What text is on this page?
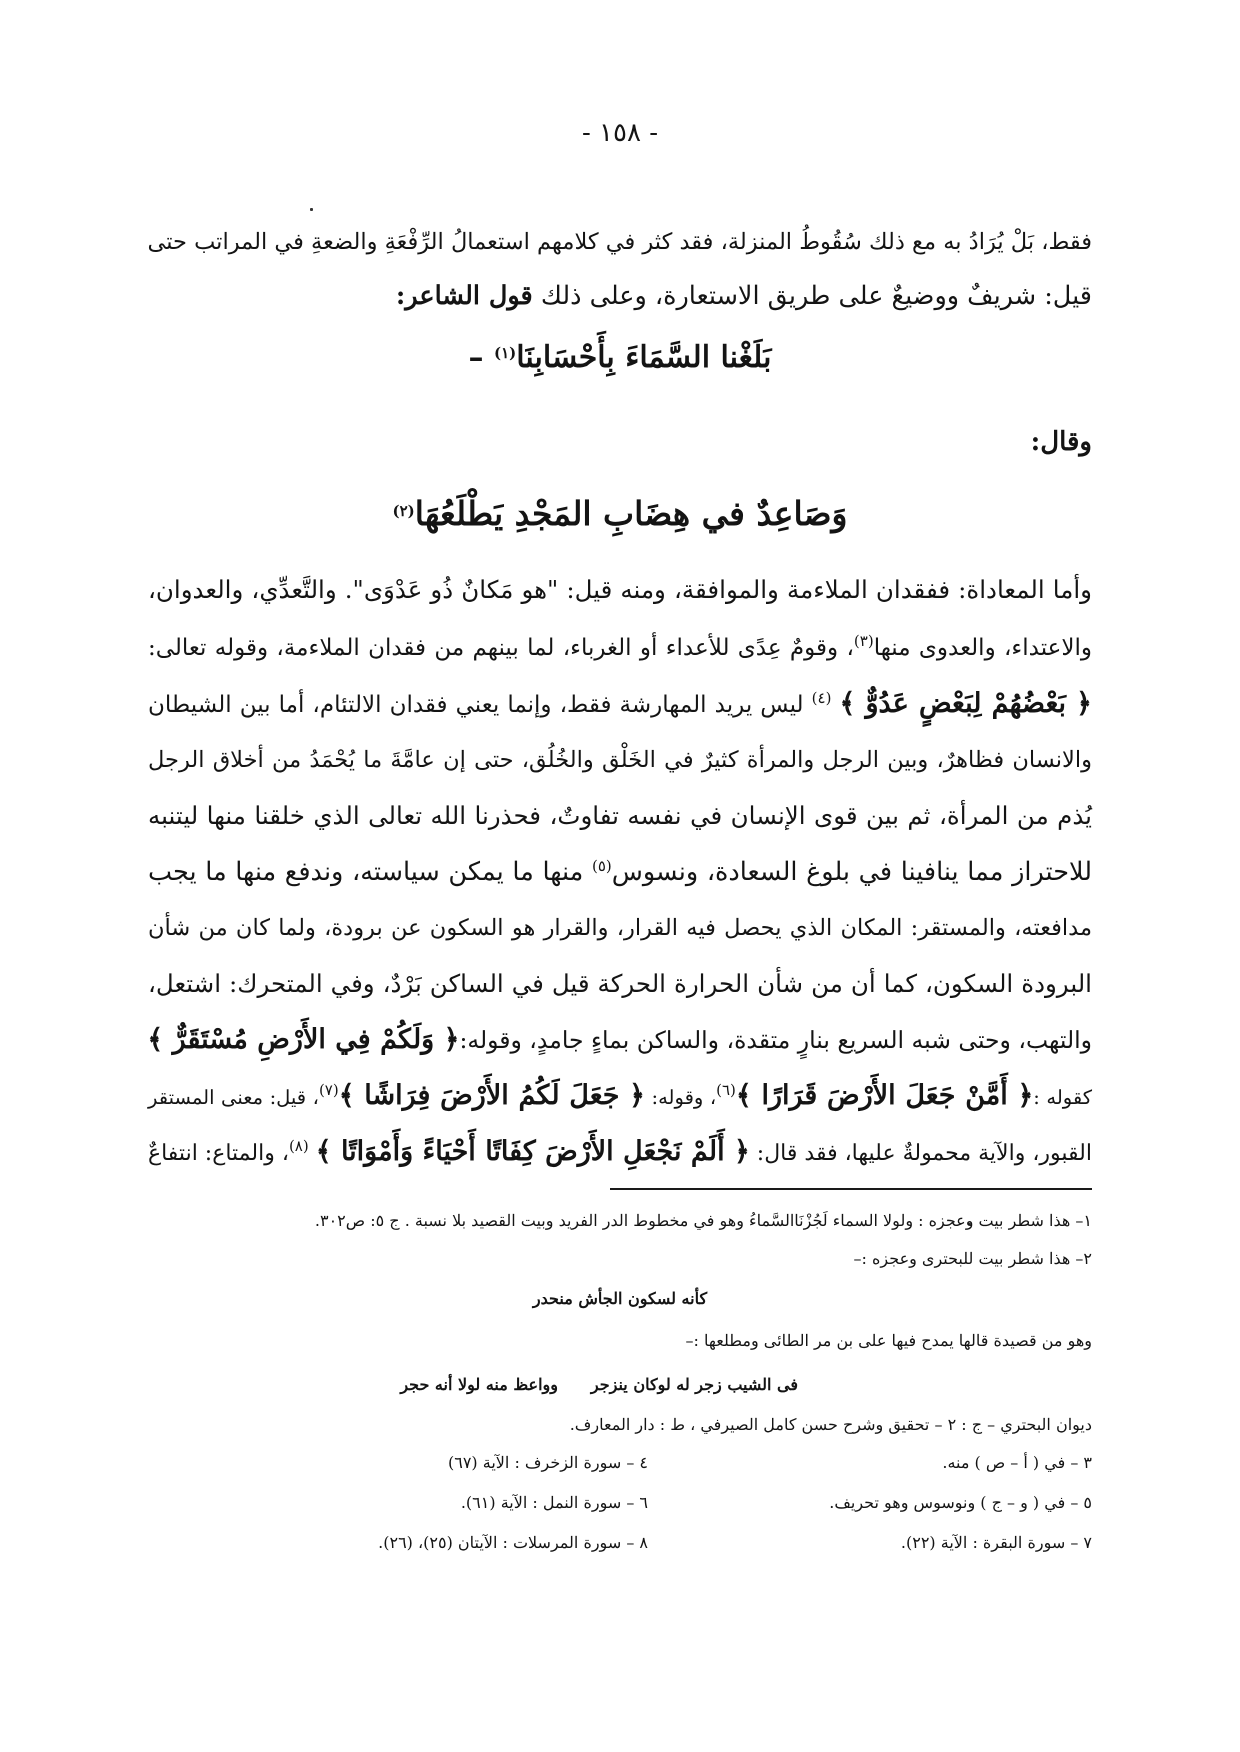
- ١٥٨ -
فقط، بَلْ يُرَادُ به مع ذلك سُقُوطُ المنزلة، فقد كثر في كلامهم استعمالُ الرِّفْعَةِ والضعةِ في المراتب حتى
قيل: شريفٌ ووضيعٌ على طريق الاستعارة، وعلى ذلك قول الشاعر:
بَلَغْنا السَّمَاءَ بِأَحْسَابِنَا$^{(١)}$ –
وقال:
وَصَاعِدٌ في هِضَابِ المَجْدِ يَطْلَعُهَا$^{(٢)}$
وأما المعاداة: ففقدان الملاءمة والموافقة، ومنه قيل: "هو مَكانٌ ذُو عَدْوَى". والتَّعدِّي، والعدوان،
والاعتداء، والعدوى منها$^{(٣)}$، وقومٌ عِدًى للأعداء أو الغرباء، لما بينهم من فقدان الملاءمة، وقوله تعالى:
﴿ بَعْضُهُمْ لِبَعْضٍ عَدُوٌّ ﴾ $^{(٤)}$ ليس يريد المهارشة فقط، وإنما يعني فقدان الالتئام، أما بين الشيطان
والانسان فظاهرٌ، وبين الرجل والمرأة كثيرٌ في الخَلْق والخُلُق، حتى إن عامَّةَ ما يُحْمَدُ من أخلاق الرجل
يُذم من المرأة، ثم بين قوى الإنسان في نفسه تفاوتٌ، فحذرنا الله تعالى الذي خلقنا منها ليتنبه
للاحتراز مما ينافينا في بلوغ السعادة، ونسوس$^{(٥)}$ منها ما يمكن سياسته، وندفع منها ما يجب
مدافعته، والمستقر: المكان الذي يحصل فيه القرار، والقرار هو السكون عن برودة، ولما كان من شأن
البرودة السكون، كما أن من شأن الحرارة الحركة قيل في الساكن بَرْدٌ، وفي المتحرك: اشتعل،
والتهب، وحتى شبه السريع بنارٍ متقدة، والساكن بماءٍ جامدٍ، وقوله:﴿ وَلَكُمْ فِي الأَرْضِ مُسْتَقَرٌّ ﴾
كقوله :﴿ أَمَّنْ جَعَلَ الأَرْضَ قَرَارًا ﴾$^{(٦)}$، وقوله: ﴿ جَعَلَ لَكُمُ الأَرْضَ فِرَاشًا ﴾$^{(٧)}$، قيل: معنى المستقر
القبور، والآية محمولةٌ عليها، فقد قال: ﴿ أَلَمْ نَجْعَلِ الأَرْضَ كِفَاتًا أَحْيَاءً وَأَمْوَاتًا ﴾ $^{(٨)}$، والمتاع: انتفاعٌ
١– هذا شطر بيت وعجزه : ولولا السماء لَجُزْنَاالسَّماءُ وهو في مخطوط الدر الفريد وبيت القصيد بلا نسبة . ج ٥: ص٣٠٢.
٢– هذا شطر بيت للبحترى وعجزه :–
كأنه لسكون الجأش منحدر
وهو من قصيدة قالها يمدح فيها على بن مر الطائى ومطلعها :–
فى الشيب زجر له لوكان ينزجر
وواعظ منه لولا أنه حجر
ديوان البحتري – ج : ٢ – تحقيق وشرح حسن كامل الصيرفي ، ط : دار المعارف.
٣ – في ( أ – ص ) منه.
٤ – سورة الزخرف : الآية (٦٧)
٥ – في ( و – ج ) ونوسوس وهو تحريف.
٦ – سورة النمل : الآية (٦١).
٧ – سورة البقرة : الآية (٢٢).
٨ – سورة المرسلات : الآيتان (٢٥)، (٢٦).
